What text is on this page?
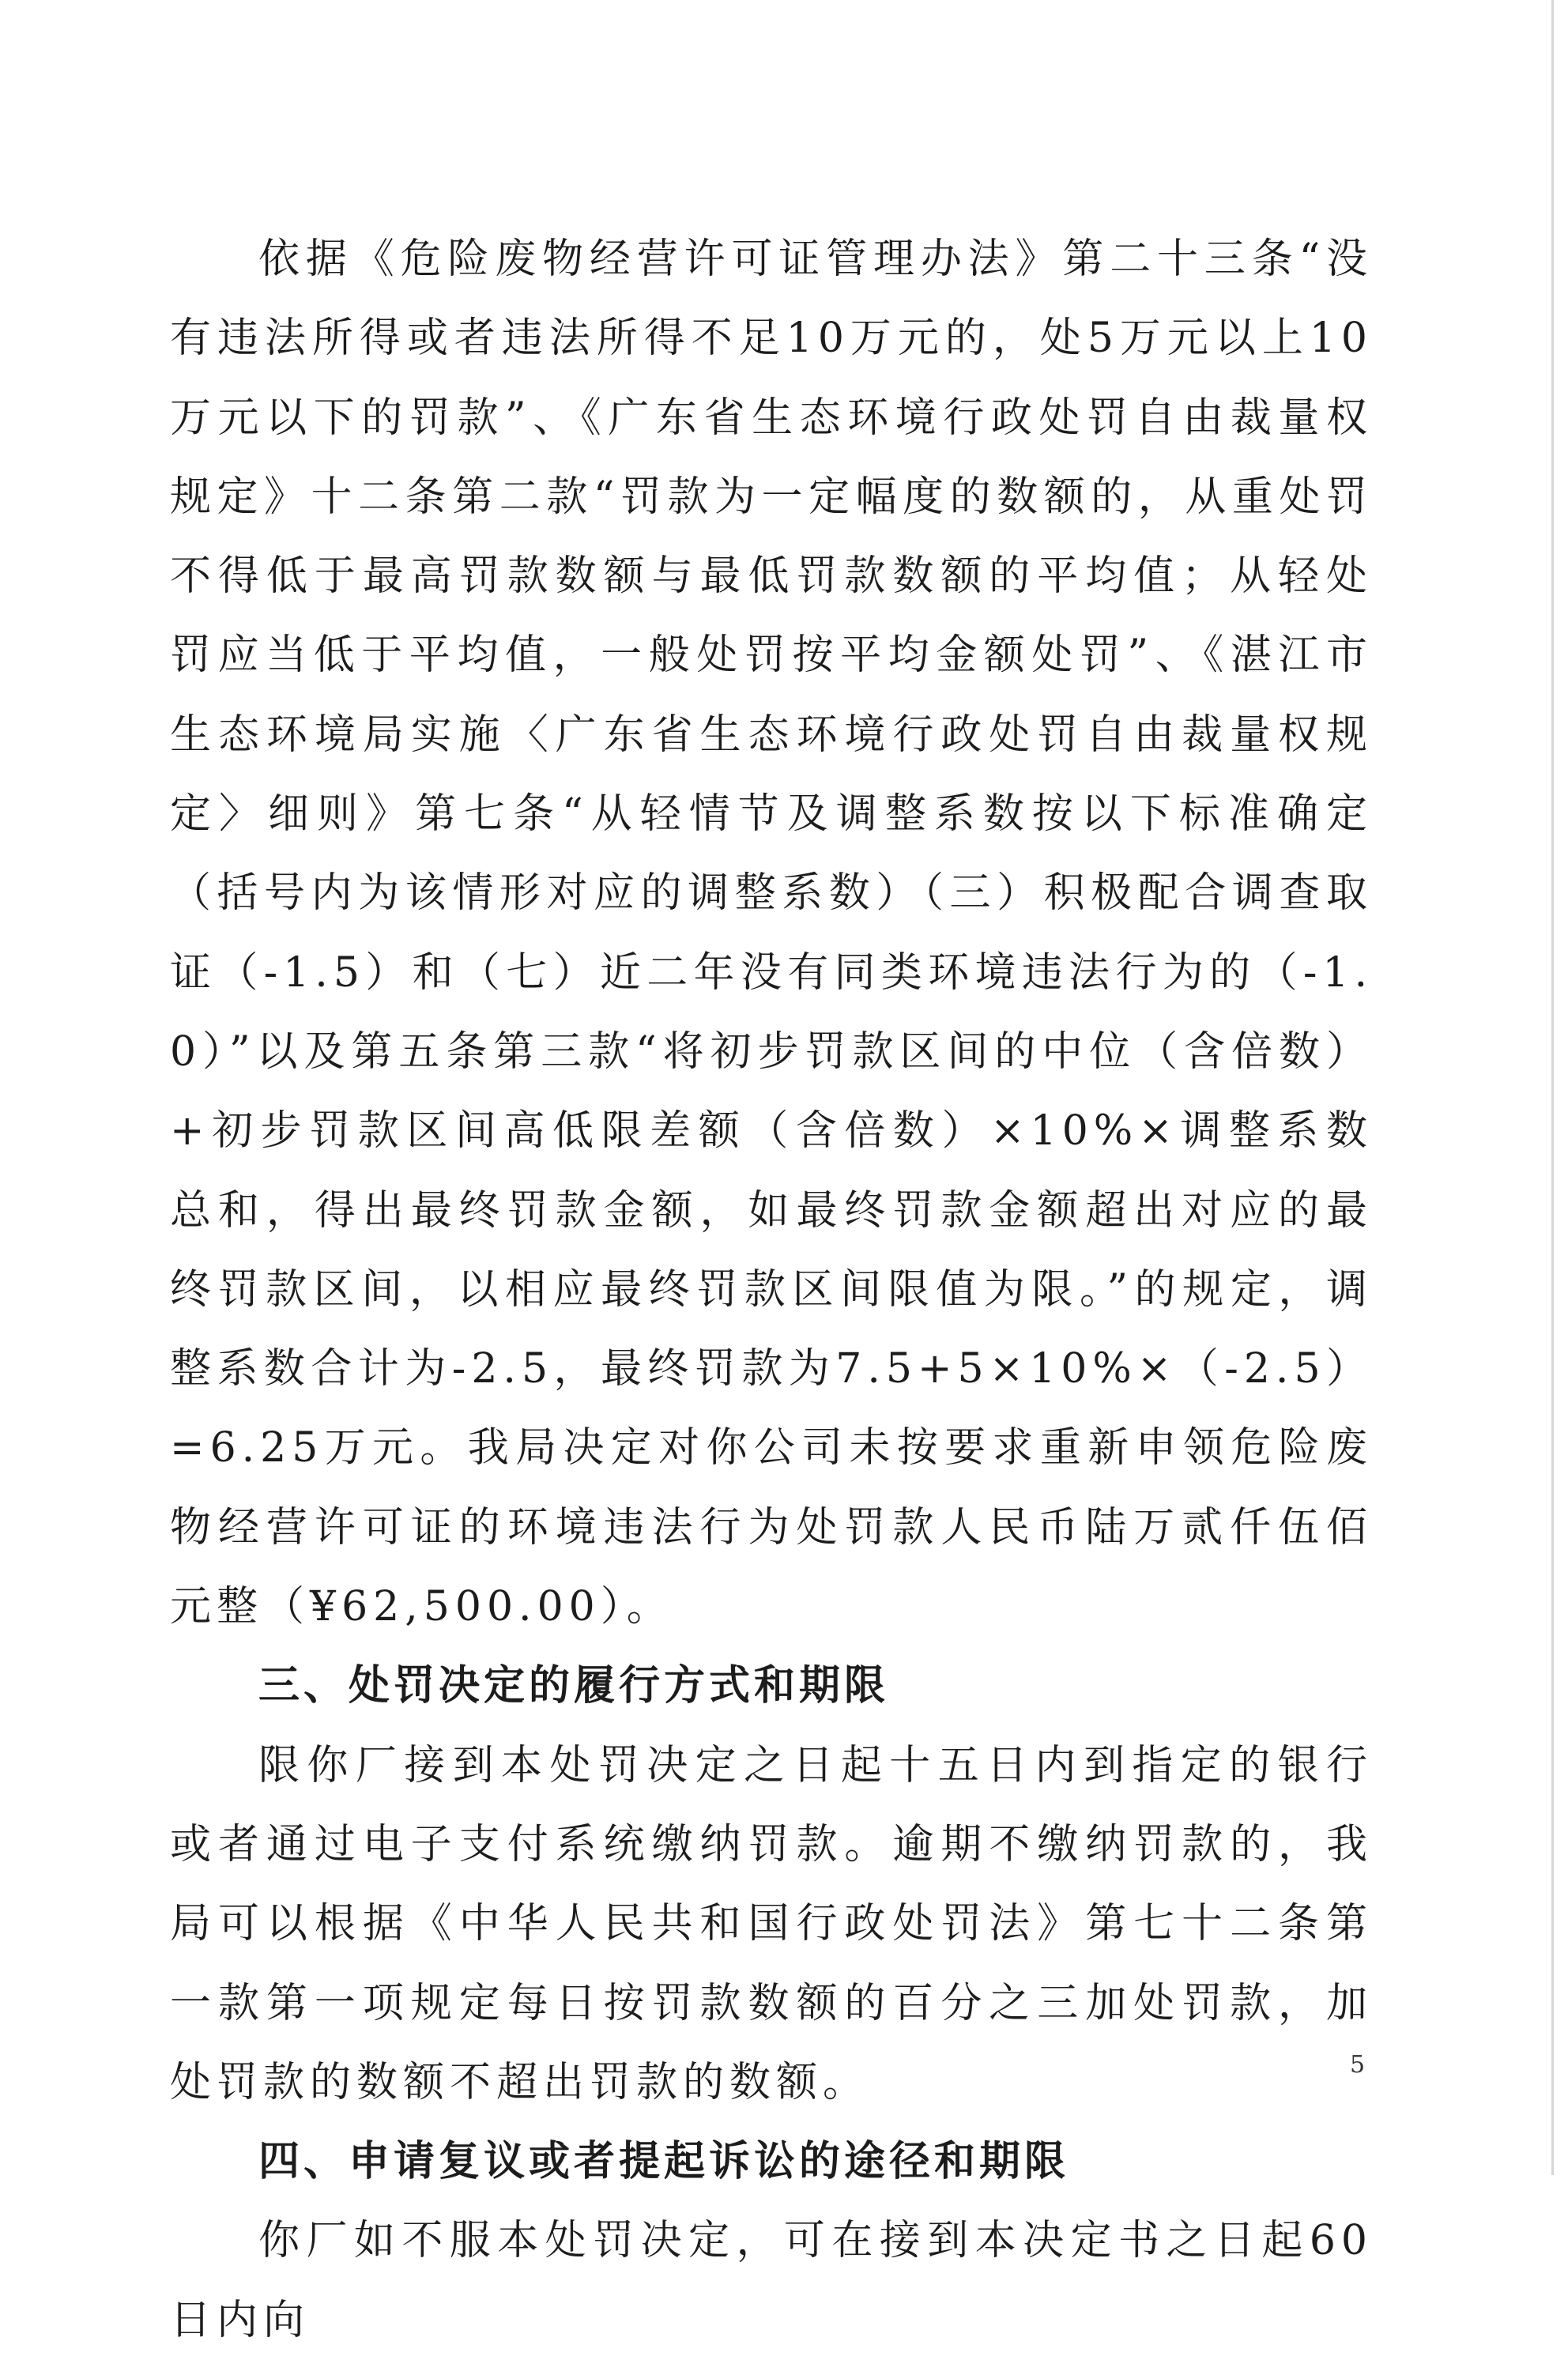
依据《危险废物经营许可证管理办法》第二十三条“没有违法所得或者违法所得不足10万元的，处5万元以上10万元以下的罚款”、《广东省生态环境行政处罚自由裁量权规定》十二条第二款“罚款为一定幅度的数额的，从重处罚不得低于最高罚款数额与最低罚款数额的平均值；从轻处罚应当低于平均值，一般处罚按平均金额处罚”、《湛江市生态环境局实施〈广东省生态环境行政处罚自由裁量权规定〉细则》第七条“从轻情节及调整系数按以下标准确定（括号内为该情形对应的调整系数）（三）积极配合调查取证（-1.5）和（七）近二年没有同类环境违法行为的（-1.0）”以及第五条第三款“将初步罚款区间的中位（含倍数）+初步罚款区间高低限差额（含倍数）×10%×调整系数总和，得出最终罚款金额，如最终罚款金额超出对应的最终罚款区间，以相应最终罚款区间限值为限。”的规定，调整系数合计为-2.5，最终罚款为7.5+5×10%×（-2.5）=6.25万元。我局决定对你公司未按要求重新申领危险废物经营许可证的环境违法行为处罚款人民币陆万贰仟伍佰元整（¥62,500.00）。

三、处罚决定的履行方式和期限

限你厂接到本处罚决定之日起十五日内到指定的银行或者通过电子支付系统缴纳罚款。逾期不缴纳罚款的，我局可以根据《中华人民共和国行政处罚法》第七十二条第一款第一项规定每日按罚款数额的百分之三加处罚款，加处罚款的数额不超出罚款的数额。

四、申请复议或者提起诉讼的途径和期限

你厂如不服本处罚决定，可在接到本决定书之日起60日内向

5
